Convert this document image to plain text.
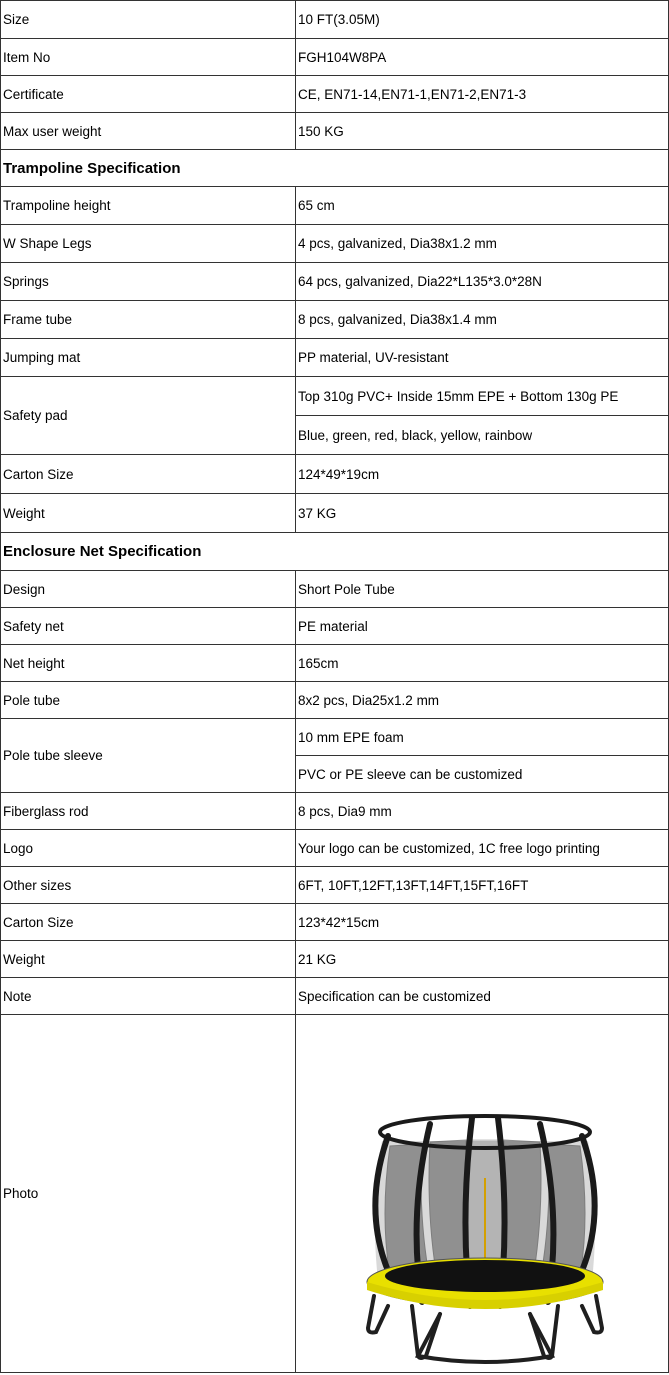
Size	10 FT(3.05M)
Item No	FGH104W8PA
Certificate	CE, EN71-14,EN71-1,EN71-2,EN71-3
Max user weight	150 KG
Trampoline Specification	
Trampoline height	65 cm
W Shape Legs	4 pcs, galvanized, Dia38x1.2 mm
Springs	64 pcs, galvanized, Dia22*L135*3.0*28N
Frame tube	8 pcs, galvanized, Dia38x1.4 mm
Jumping mat	PP material, UV-resistant
Safety pad	Top 310g PVC+ Inside 15mm EPE + Bottom 130g PE
	Blue, green, red, black, yellow, rainbow
Carton Size	124*49*19cm
Weight	37 KG
Enclosure Net Specification	
Design	Short Pole Tube
Safety net	PE material
Net height	165cm
Pole tube	8x2 pcs, Dia25x1.2 mm
Pole tube sleeve	10 mm EPE foam
	PVC or PE sleeve can be customized
Fiberglass rod	8 pcs, Dia9 mm
Logo	Your logo can be customized, 1C free logo printing
Other sizes	6FT, 10FT,12FT,13FT,14FT,15FT,16FT
Carton Size	123*42*15cm
Weight	21 KG
Note	Specification can be customized
Photo	
